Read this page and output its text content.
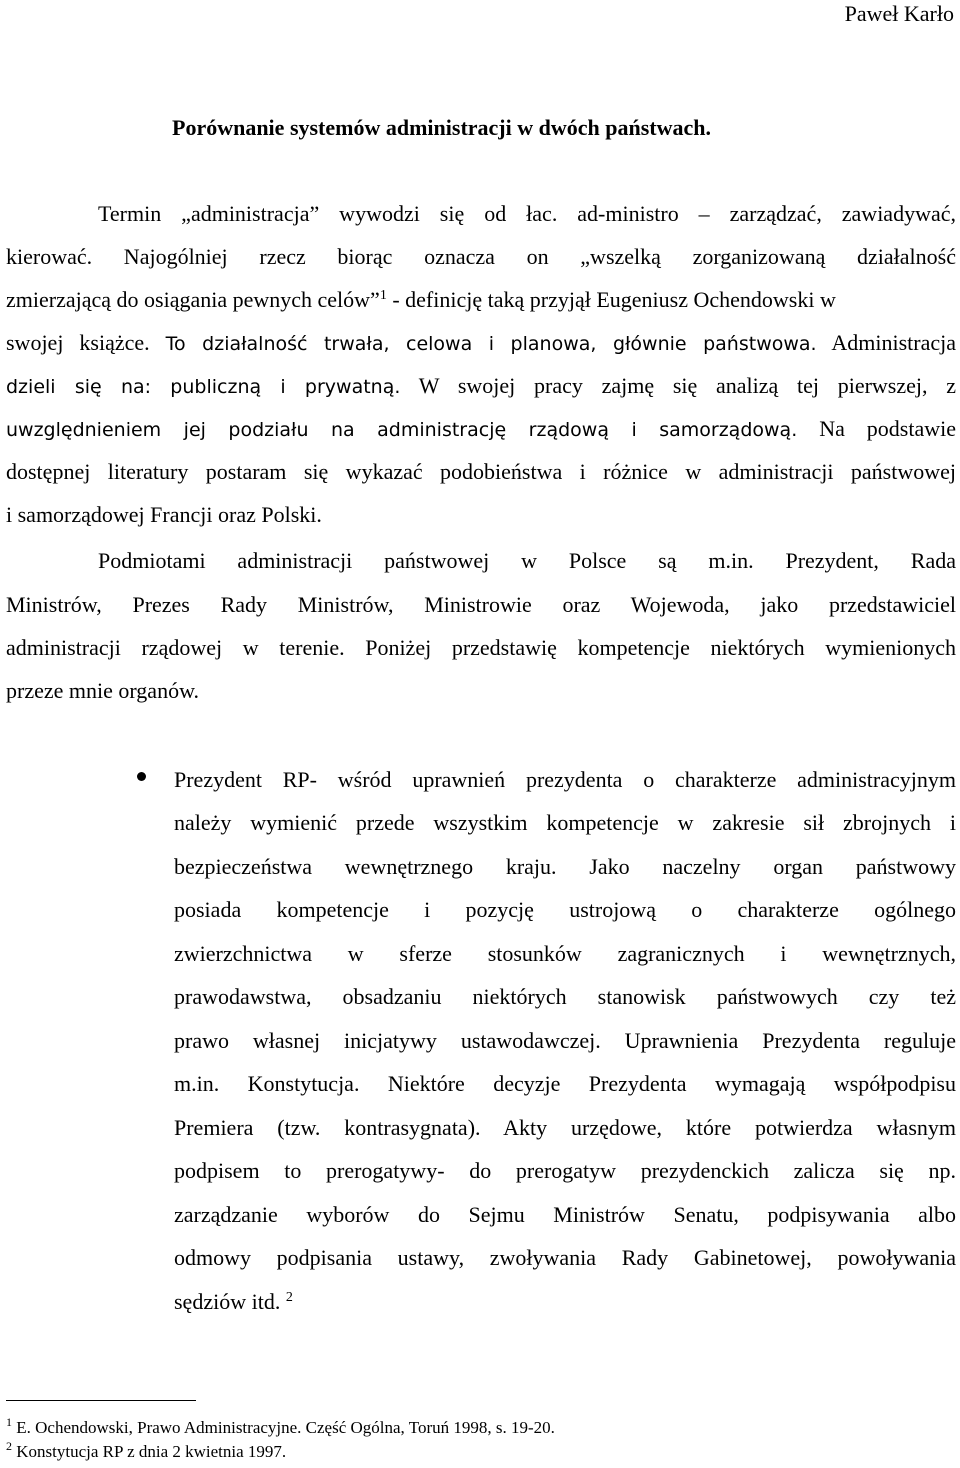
Paweł Karło
Porównanie systemów administracji w dwóch państwach.
Termin „administracja” wywodzi się od łac. ad-ministro – zarządzać, zawiadywać,
kierować. Najogólniej rzecz biorąc oznacza on „wszelką zorganizowaną działalność
zmierzającą do osiągania pewnych celów”$^1$ - definicję taką przyjął Eugeniusz Ochendowski w
swojej książce. To działalność trwała, celowa i planowa, głównie państwowa. Administracja
dzieli się na: publiczną i prywatną. W swojej pracy zajmę się analizą tej pierwszej, z
uwzględnieniem jej podziału na administrację rządową i samorządową. Na podstawie
dostępnej literatury postaram się wykazać podobieństwa i różnice w administracji państwowej
i samorządowej Francji oraz Polski.
Podmiotami administracji państwowej w Polsce są m.in. Prezydent, Rada
Ministrów, Prezes Rady Ministrów, Ministrowie oraz Wojewoda, jako przedstawiciel
administracji rządowej w terenie. Poniżej przedstawię kompetencje niektórych wymienionych
przeze mnie organów.
Prezydent RP- wśród uprawnień prezydenta o charakterze administracyjnym
należy wymienić przede wszystkim kompetencje w zakresie sił zbrojnych i
bezpieczeństwa wewnętrznego kraju. Jako naczelny organ państwowy
posiada kompetencje i pozycję ustrojową o charakterze ogólnego
zwierzchnictwa w sferze stosunków zagranicznych i wewnętrznych,
prawodawstwa, obsadzaniu niektórych stanowisk państwowych czy też
prawo własnej inicjatywy ustawodawczej. Uprawnienia Prezydenta reguluje
m.in. Konstytucja. Niektóre decyzje Prezydenta wymagają współpodpisu
Premiera (tzw. kontrasygnata). Akty urzędowe, które potwierdza własnym
podpisem to prerogatywy- do prerogatyw prezydenckich zalicza się np.
zarządzanie wyborów do Sejmu Ministrów Senatu, podpisywania albo
odmowy podpisania ustawy, zwoływania Rady Gabinetowej, powoływania
sędziów itd. $^2$
$^1$ E. Ochendowski, Prawo Administracyjne. Część Ogólna, Toruń 1998, s. 19-20.
$^2$ Konstytucja RP z dnia 2 kwietnia 1997.
